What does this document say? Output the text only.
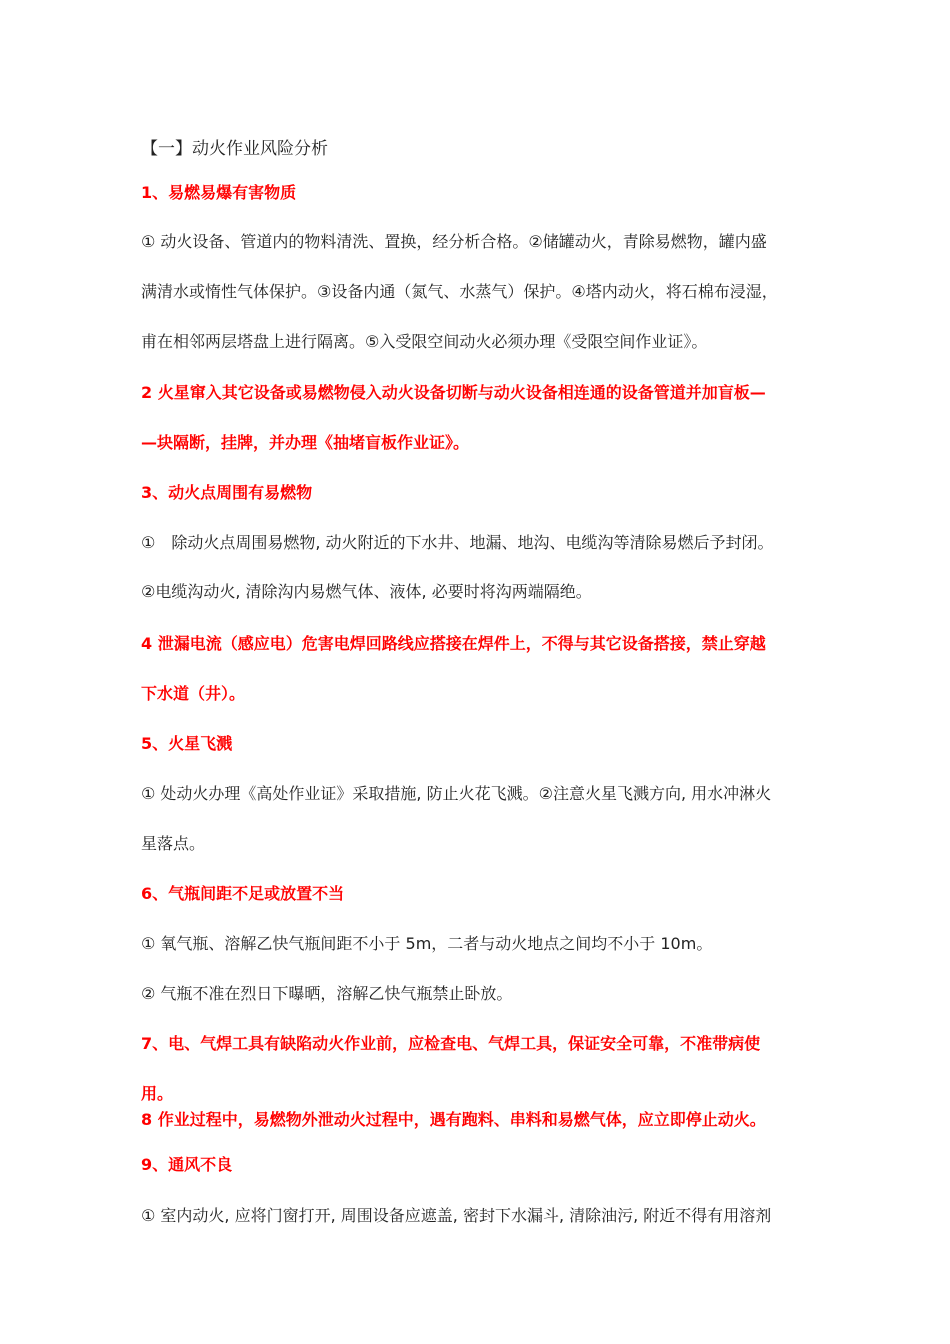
【一】动火作业风险分析
1、易燃易爆有害物质
① 动火设备、管道内的物料清洗、置换，经分析合格。②储罐动火，青除易燃物，罐内盛
满清水或惰性气体保护。③设备内通（氮气、水蒸气）保护。④塔内动火，将石棉布浸湿，
甫在相邻两层塔盘上进行隔离。⑤入受限空间动火必须办理《受限空间作业证》。
2 火星窜入其它设备或易燃物侵入动火设备切断与动火设备相连通的设备管道并加盲板—
—块隔断，挂牌，并办理《抽堵盲板作业证》。
3、动火点周围有易燃物
①　除动火点周围易燃物, 动火附近的下水井、地漏、地沟、电缆沟等清除易燃后予封闭。
②电缆沟动火, 清除沟内易燃气体、液体, 必要时将沟两端隔绝。
4 泄漏电流（感应电）危害电焊回路线应搭接在焊件上，不得与其它设备搭接，禁止穿越
下水道（井）。
5、火星飞溅
① 处动火办理《高处作业证》采取措施, 防止火花飞溅。②注意火星飞溅方向, 用水冲淋火
星落点。
6、气瓶间距不足或放置不当
① 氧气瓶、溶解乙快气瓶间距不小于 5m，二者与动火地点之间均不小于 10m。
② 气瓶不准在烈日下曝晒，溶解乙快气瓶禁止卧放。
7、电、气焊工具有缺陷动火作业前，应检查电、气焊工具，保证安全可靠，不准带病使
用。
8 作业过程中，易燃物外泄动火过程中，遇有跑料、串料和易燃气体，应立即停止动火。
9、通风不良
① 室内动火, 应将门窗打开, 周围设备应遮盖, 密封下水漏斗, 清除油污, 附近不得有用溶剂
